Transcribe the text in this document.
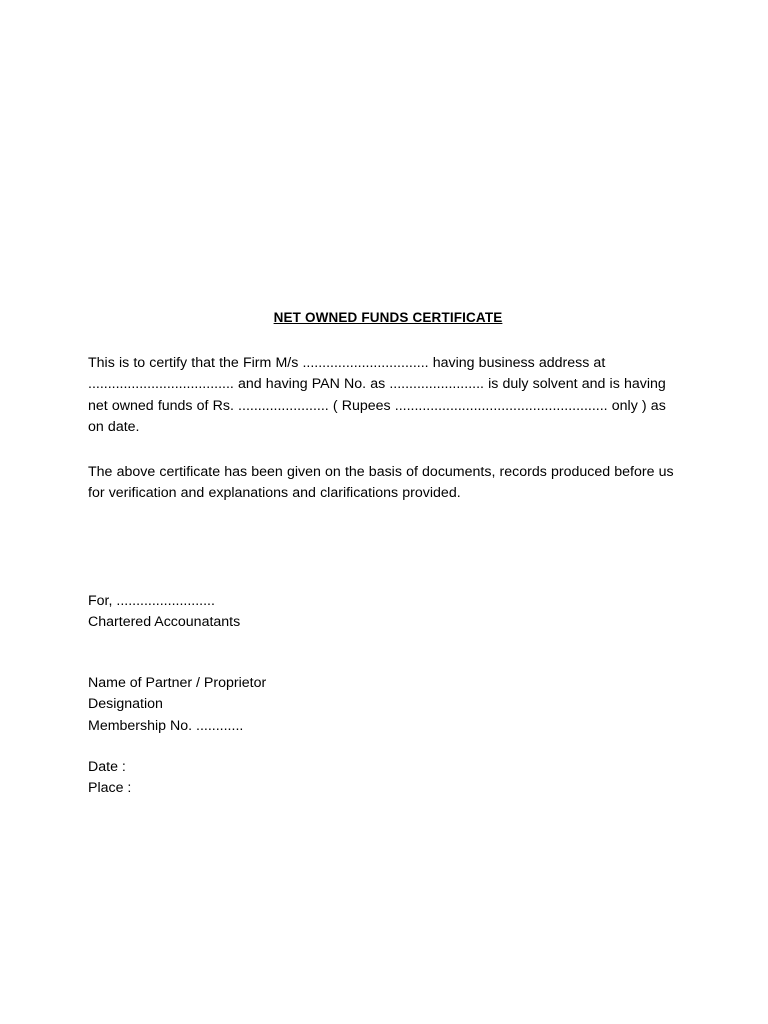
NET OWNED FUNDS CERTIFICATE

This is to certify that the Firm M/s ................................ having business address at ..................................... and having PAN No. as ........................ is duly solvent and is having net owned funds of Rs. ....................... ( Rupees ...................................................... only ) as on date.

The above certificate has been given on the basis of documents, records produced before us for verification and explanations and clarifications provided.

For, .........................
Chartered Accounatants
Name of Partner / Proprietor
Designation
Membership No. ............
Date :
Place :
